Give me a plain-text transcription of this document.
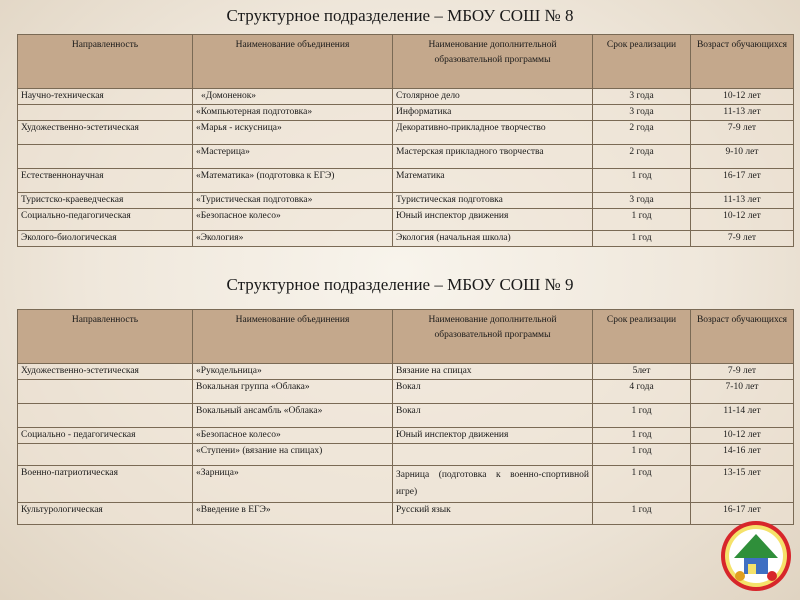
Структурное подразделение – МБОУ СОШ № 8
Направленность	Наименование объединения	Наименование дополнительной образовательной программы	Срок реализации	Возраст обучающихся
Научно-техническая	«Домоненок»	Столярное дело	3 года	10-12 лет
	«Компьютерная подготовка»	Информатика	3 года	11-13 лет
Художественно-эстетическая	«Марья - искусница»	Декоративно-прикладное творчество	2 года	7-9 лет
	«Мастерица»	Мастерская прикладного творчества	2 года	9-10 лет
Естественнонаучная	«Математика» (подготовка к ЕГЭ)	Математика	1 год	16-17 лет
Туристско-краеведческая	«Туристическая подготовка»	Туристическая подготовка	3 года	11-13 лет
Социально-педагогическая	«Безопасное колесо»	Юный инспектор движения	1 год	10-12 лет
Эколого-биологическая	«Экология»	Экология (начальная школа)	1 год	7-9 лет
Структурное подразделение – МБОУ СОШ № 9
Направленность	Наименование объединения	Наименование дополнительной образовательной программы	Срок реализации	Возраст обучающихся
Художественно-эстетическая	«Рукодельница»	Вязание на спицах	5лет	7-9 лет
	Вокальная группа «Облака»	Вокал	4 года	7-10 лет
	Вокальный ансамбль «Облака»	Вокал	1 год	11-14 лет
Социально - педагогическая	«Безопасное колесо»	Юный инспектор движения	1 год	10-12 лет
	«Ступени» (вязание на спицах)		1 год	14-16 лет
Военно-патриотическая	«Зарница»	Зарница (подготовка к военно-спортивной игре)	1 год	13-15 лет
Культурологическая	«Введение в ЕГЭ»	Русский язык	1 год	16-17 лет
